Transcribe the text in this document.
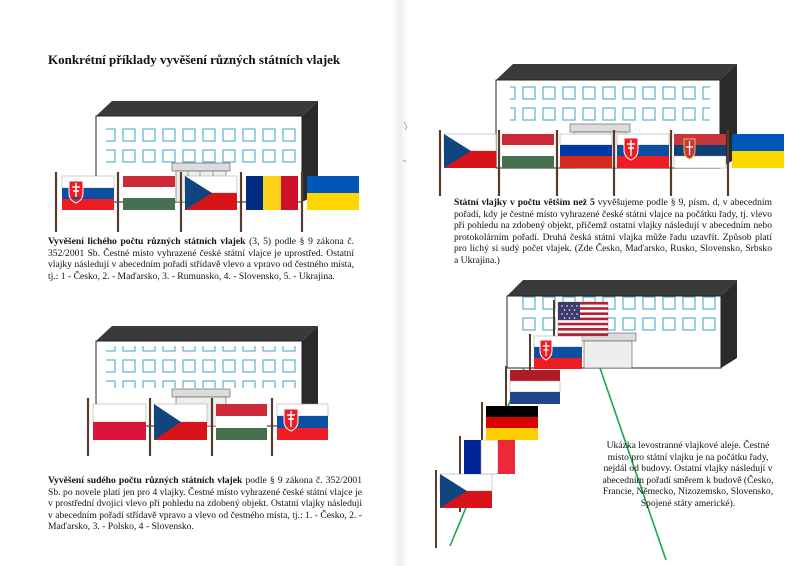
Konkrétní příklady vyvěšení různých státních vlajek

Vyvěšení lichého počtu různých státních vlajek (3, 5) podle § 9 zákona č. 352/2001 Sb. Čestné místo vyhrazené české státní vlajce je uprostřed. Ostatní vlajky následují v abecedním pořadí střídavě vlevo a vpravo od čestného místa, tj.: 1 - Česko, 2. - Maďarsko, 3. - Rumunsko, 4. - Slovensko, 5. - Ukrajina.

Vyvěšení sudého počtu různých státních vlajek podle § 9 zákona č. 352/2001 Sb. po novele platí jen pro 4 vlajky. Čestné místo vyhrazené české státní vlajce je v prostřední dvojici vlevo při pohledu na zdobený objekt. Ostatní vlajky následují v abecedním pořadí střídavě vpravo a vlevo od čestného místa, tj.: 1. - Česko, 2. - Maďarsko, 3. - Polsko, 4 - Slovensko.

Státní vlajky v počtu větším než 5 vyvěšujeme podle § 9, písm. d, v abecedním pořadí, kdy je čestné místo vyhrazené české státní vlajce na počátku řady, tj. vlevo při pohledu na zdobený objekt, přičemž ostatní vlajky následují v abecedním nebo protokolárním pořadí. Druhá česká státní vlajka může řadu uzavřít. Způsob platí pro lichý si sudý počet vlajek. (Zde Česko, Maďarsko, Rusko, Slovensko, Srbsko a Ukrajina.)

Ukázka levostranné vlajkové aleje. Čestné místo pro státní vlajku je na počátku řady, nejdál od budovy. Ostatní vlajky následují v abecedním pořadí směrem k budově (Česko, Francie, Německo, Nizozemsko, Slovensko, Spojené státy americké).
